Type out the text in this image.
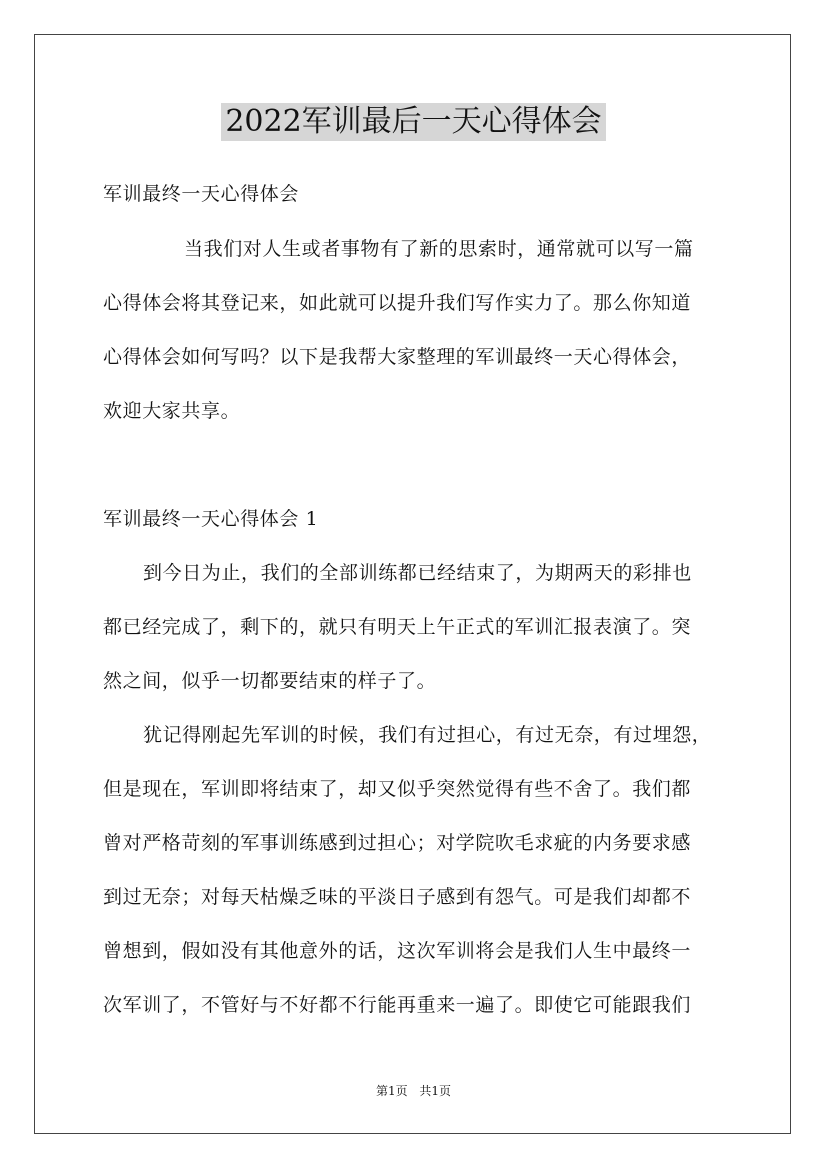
2022军训最后一天心得体会
军训最终一天心得体会
当我们对人生或者事物有了新的思索时，通常就可以写一篇
心得体会将其登记来，如此就可以提升我们写作实力了。那么你知道
心得体会如何写吗？以下是我帮大家整理的军训最终一天心得体会，
欢迎大家共享。
军训最终一天心得体会 1
到今日为止，我们的全部训练都已经结束了，为期两天的彩排也
都已经完成了，剩下的，就只有明天上午正式的军训汇报表演了。突
然之间，似乎一切都要结束的样子了。
犹记得刚起先军训的时候，我们有过担心，有过无奈，有过埋怨，
但是现在，军训即将结束了，却又似乎突然觉得有些不舍了。我们都
曾对严格苛刻的军事训练感到过担心；对学院吹毛求疵的内务要求感
到过无奈；对每天枯燥乏味的平淡日子感到有怨气。可是我们却都不
曾想到，假如没有其他意外的话，这次军训将会是我们人生中最终一
次军训了，不管好与不好都不行能再重来一遍了。即使它可能跟我们
第1页 共1页
